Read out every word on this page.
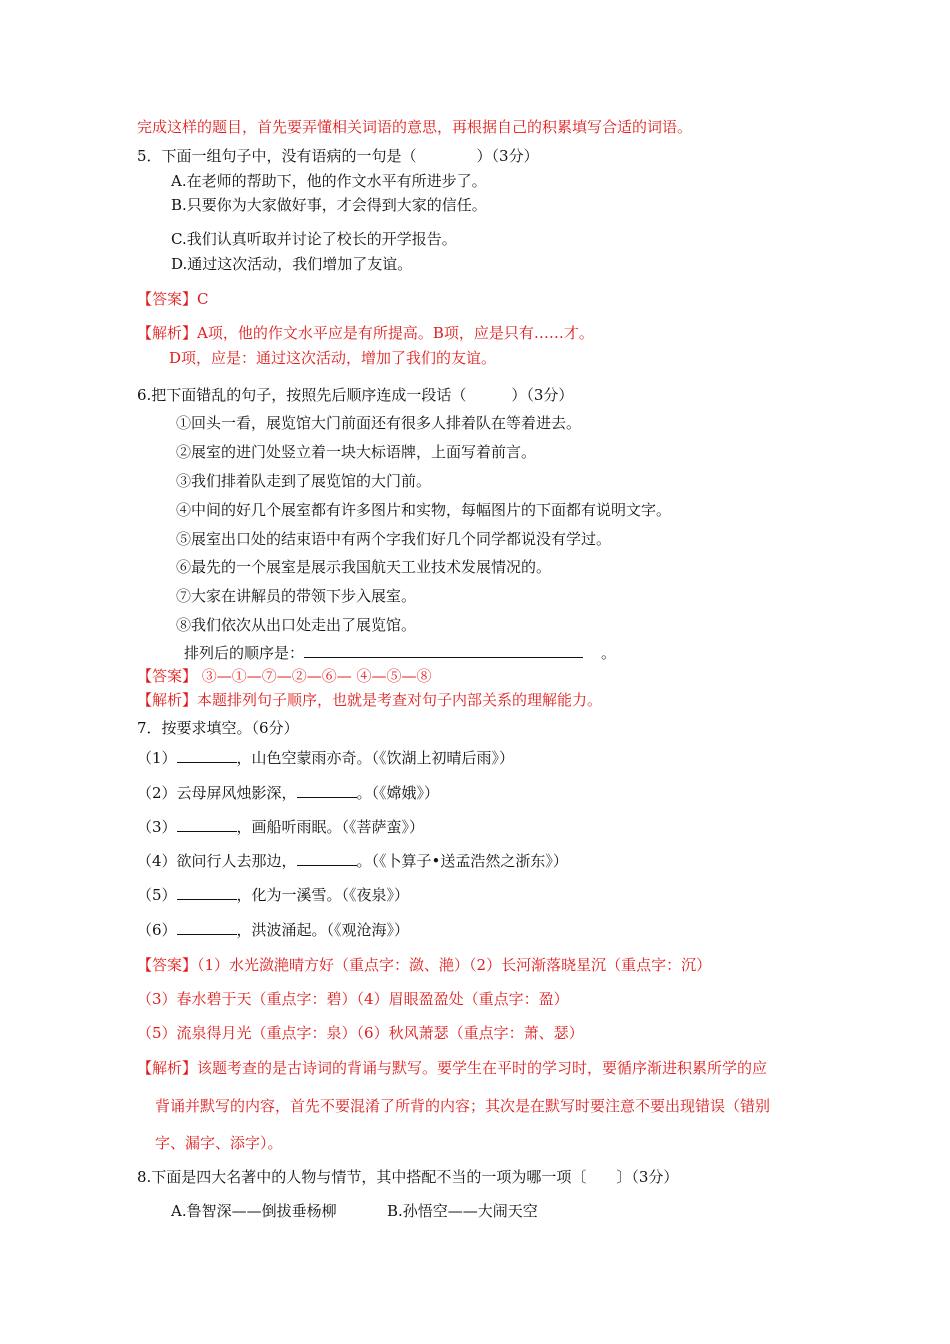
完成这样的题目，首先要弄懂相关词语的意思，再根据自己的积累填写合适的词语。
5．下面一组句子中，没有语病的一句是（　　　　）（3分）
A.在老师的帮助下，他的作文水平有所进步了。
B.只要你为大家做好事，才会得到大家的信任。
C.我们认真听取并讨论了校长的开学报告。
D.通过这次活动，我们增加了友谊。
【答案】C
【解析】A项，他的作文水平应是有所提高。B项，应是只有……才。
D项，应是：通过这次活动，增加了我们的友谊。
6.把下面错乱的句子，按照先后顺序连成一段话（　　　）（3分）
①回头一看，展览馆大门前面还有很多人排着队在等着进去。
②展室的进门处竖立着一块大标语牌，上面写着前言。
③我们排着队走到了展览馆的大门前。
④中间的好几个展室都有许多图片和实物，每幅图片的下面都有说明文字。
⑤展室出口处的结束语中有两个字我们好几个同学都说没有学过。
⑥最先的一个展室是展示我国航天工业技术发展情况的。
⑦大家在讲解员的带领下步入展室。
⑧我们依次从出口处走出了展览馆。
排列后的顺序是：	。
【答案】 ③—①—⑦—②—⑥— ④—⑤—⑧
【解析】本题排列句子顺序，也就是考查对句子内部关系的理解能力。
7．按要求填空。（6分）
（1）	，山色空蒙雨亦奇。（《饮湖上初晴后雨》）
（2）云母屏风烛影深，	。（《嫦娥》）
（3）	，画船听雨眠。（《菩萨蛮》）
（4）欲问行人去那边，	。（《卜算子•送孟浩然之浙东》）
（5）	，化为一溪雪。（《夜泉》）
（6）	，洪波涌起。（《观沧海》）
【答案】（1）水光潋滟晴方好（重点字：潋、滟）（2）长河渐落晓星沉（重点字：沉）
（3）春水碧于天（重点字：碧）（4）眉眼盈盈处（重点字：盈）
（5）流泉得月光（重点字：泉）（6）秋风萧瑟（重点字：萧、瑟）
【解析】该题考查的是古诗词的背诵与默写。要学生在平时的学习时，要循序渐进积累所学的应
背诵并默写的内容，首先不要混淆了所背的内容；其次是在默写时要注意不要出现错误（错别
字、漏字、添字）。
8.下面是四大名著中的人物与情节，其中搭配不当的一项为哪一项〔　　〕（3分）
A.鲁智深——倒拔垂杨柳	B.孙悟空——大闹天空
